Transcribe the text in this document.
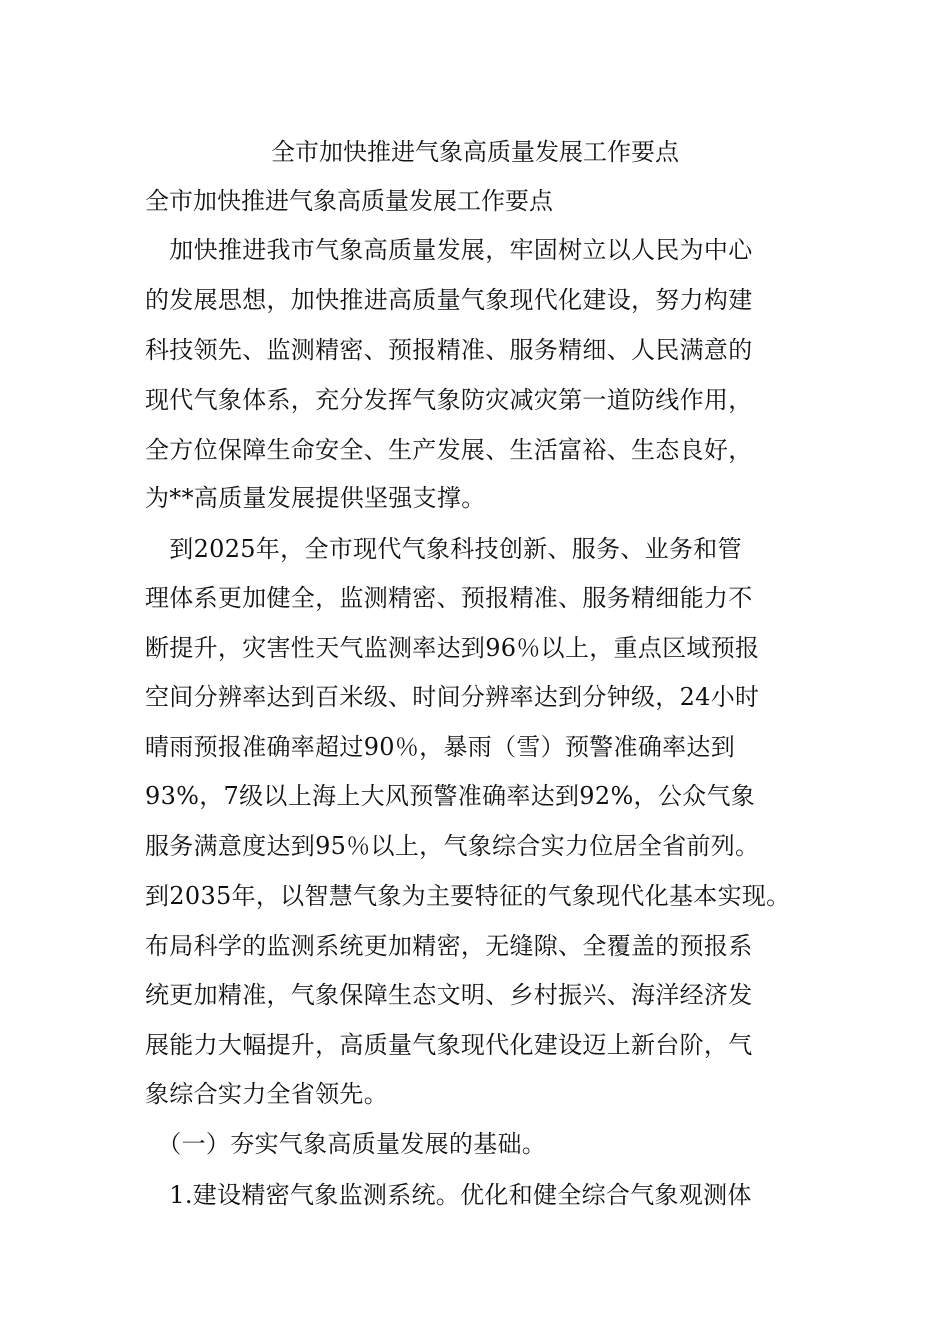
全市加快推进气象高质量发展工作要点
全市加快推进气象高质量发展工作要点
　加快推进我市气象高质量发展，牢固树立以人民为中心
的发展思想，加快推进高质量气象现代化建设，努力构建
科技领先、监测精密、预报精准、服务精细、人民满意的
现代气象体系，充分发挥气象防灾减灾第一道防线作用，
全方位保障生命安全、生产发展、生活富裕、生态良好，
为**高质量发展提供坚强支撑。
　到2025年，全市现代气象科技创新、服务、业务和管
理体系更加健全，监测精密、预报精准、服务精细能力不
断提升，灾害性天气监测率达到96％以上，重点区域预报
空间分辨率达到百米级、时间分辨率达到分钟级，24小时
晴雨预报准确率超过90％，暴雨（雪）预警准确率达到
93%，7级以上海上大风预警准确率达到92%，公众气象
服务满意度达到95％以上，气象综合实力位居全省前列。
到2035年，以智慧气象为主要特征的气象现代化基本实现。
布局科学的监测系统更加精密，无缝隙、全覆盖的预报系
统更加精准，气象保障生态文明、乡村振兴、海洋经济发
展能力大幅提升，高质量气象现代化建设迈上新台阶，气
象综合实力全省领先。
　（一）夯实气象高质量发展的基础。
　1.建设精密气象监测系统。优化和健全综合气象观测体
